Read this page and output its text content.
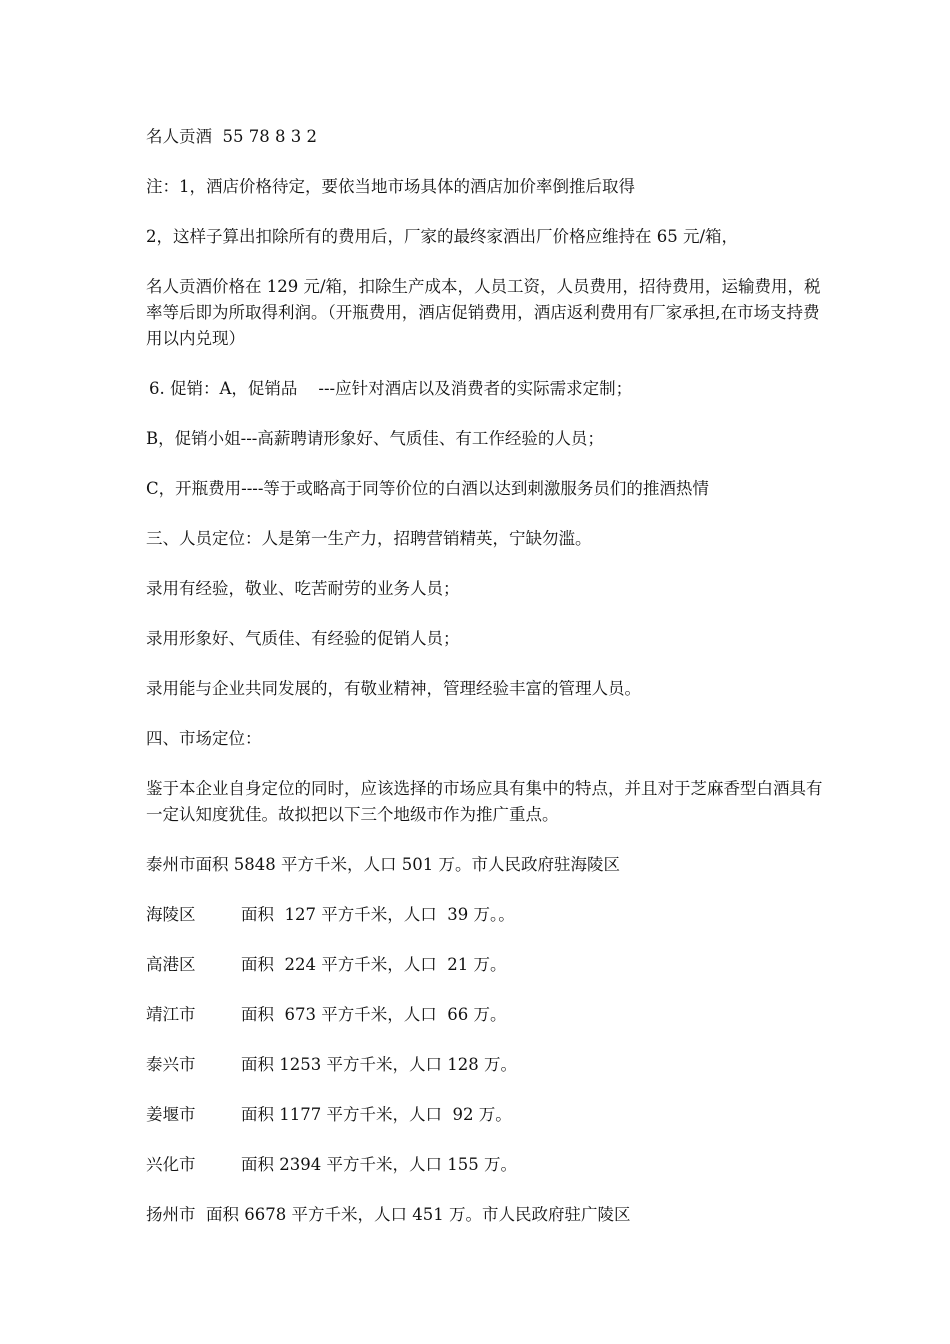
名人贡酒  55 78 8 3 2

注：1，酒店价格待定，要依当地市场具体的酒店加价率倒推后取得

2，这样子算出扣除所有的费用后，厂家的最终家酒出厂价格应维持在 65 元/箱，

名人贡酒价格在 129 元/箱，扣除生产成本，人员工资，人员费用，招待费用，运输费用，税率等后即为所取得利润。（开瓶费用，酒店促销费用，酒店返利费用有厂家承担,在市场支持费用以内兑现）

6. 促销：A，促销品    ---应针对酒店以及消费者的实际需求定制；

B，促销小姐---高薪聘请形象好、气质佳、有工作经验的人员；

C，开瓶费用----等于或略高于同等价位的白酒以达到刺激服务员们的推酒热情

三、人员定位：人是第一生产力，招聘营销精英，宁缺勿滥。

录用有经验，敬业、吃苦耐劳的业务人员；

录用形象好、气质佳、有经验的促销人员；

录用能与企业共同发展的，有敬业精神，管理经验丰富的管理人员。

四、市场定位：

鉴于本企业自身定位的同时，应该选择的市场应具有集中的特点，并且对于芝麻香型白酒具有一定认知度犹佳。故拟把以下三个地级市作为推广重点。

泰州市面积 5848 平方千米，人口 501 万。市人民政府驻海陵区

海陵区	面积  127 平方千米，人口  39 万。。
高港区	面积  224 平方千米，人口  21 万。
靖江市	面积  673 平方千米，人口  66 万。
泰兴市	面积 1253 平方千米，人口 128 万。
姜堰市	面积 1177 平方千米，人口  92 万。
兴化市	面积 2394 平方千米，人口 155 万。

扬州市  面积 6678 平方千米，人口 451 万。市人民政府驻广陵区
